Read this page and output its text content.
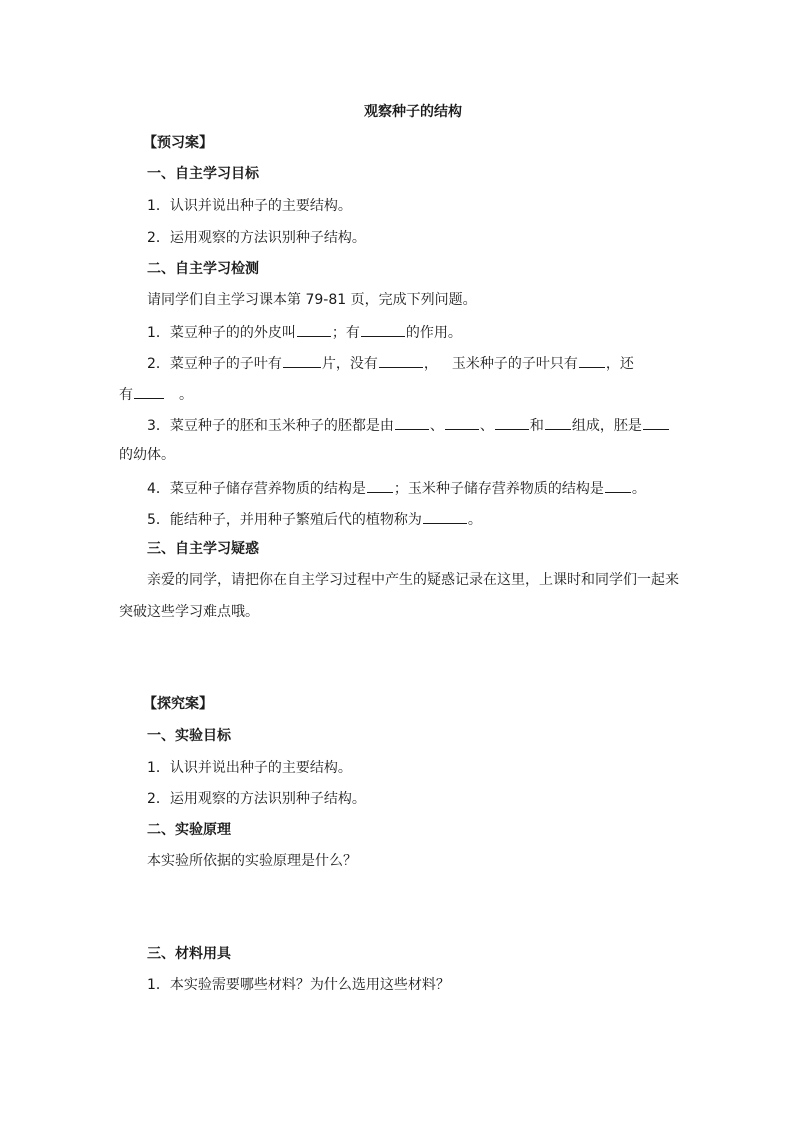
观察种子的结构
【预习案】
一、自主学习目标
1．认识并说出种子的主要结构。
2．运用观察的方法识别种子结构。
二、自主学习检测
请同学们自主学习课本第 79-81 页，完成下列问题。
1．菜豆种子的的外皮叫	；有	的作用。
2．菜豆种子的子叶有	片，没有	， 玉米种子的子叶只有 ，还
有	。
3．菜豆种子的胚和玉米种子的胚都是由	、	、	和 组成，胚是
的幼体。
4．菜豆种子储存营养物质的结构是 ；玉米种子储存营养物质的结构是 。
5．能结种子，并用种子繁殖后代的植物称为	。
三、自主学习疑惑
亲爱的同学，请把你在自主学习过程中产生的疑惑记录在这里，上课时和同学们一起来
突破这些学习难点哦。
【探究案】
一、实验目标
1．认识并说出种子的主要结构。
2．运用观察的方法识别种子结构。
二、实验原理
本实验所依据的实验原理是什么？
三、材料用具
1．本实验需要哪些材料？为什么选用这些材料？
